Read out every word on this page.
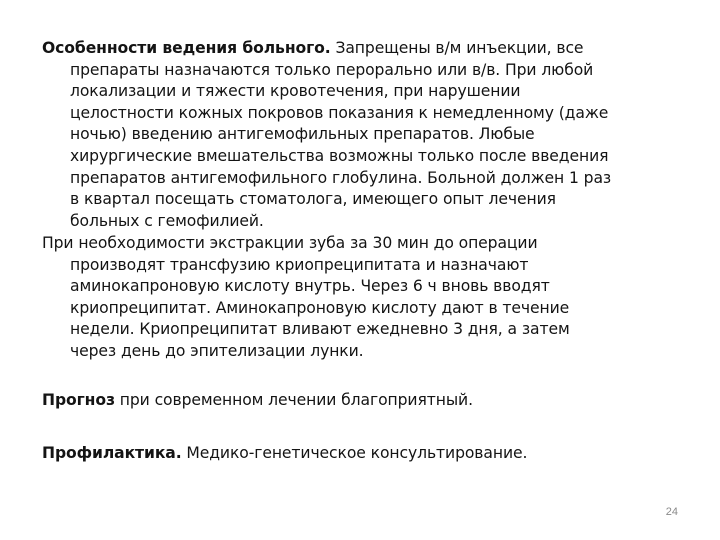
Особенности ведения больного. Запрещены в/м инъекции, все
препараты назначаются только перорально или в/в. При любой
локализации и тяжести кровотечения, при нарушении
целостности кожных покровов показания к немедленному (даже
ночью) введению антигемофильных препаратов. Любые
хирургические вмешательства возможны только после введения
препаратов антигемофильного глобулина. Больной должен 1 раз
в квартал посещать стоматолога, имеющего опыт лечения
больных с гемофилией.
При необходимости экстракции зуба за 30 мин до операции
производят трансфузию криопреципитата и назначают
аминокапроновую кислоту внутрь. Через 6 ч вновь вводят
криопреципитат. Аминокапроновую кислоту дают в течение
недели. Криопреципитат вливают ежедневно 3 дня, а затем
через день до эпителизации лунки.
Прогноз при современном лечении благоприятный.
Профилактика. Медико-генетическое консультирование.
24
